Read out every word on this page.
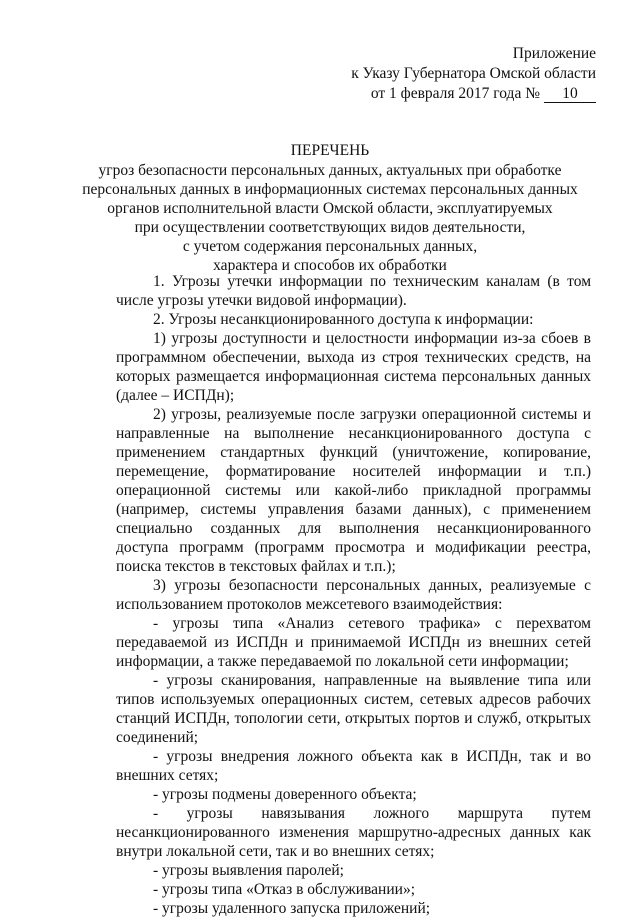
Приложение
к Указу Губернатора Омской области
от 1 февраля 2017 года № 10
ПЕРЕЧЕНЬ
угроз безопасности персональных данных, актуальных при обработке
персональных данных в информационных системах персональных данных
органов исполнительной власти Омской области, эксплуатируемых
при осуществлении соответствующих видов деятельности,
с учетом содержания персональных данных,
характера и способов их обработки

1. Угрозы утечки информации по техническим каналам (в том числе угрозы утечки видовой информации).

2. Угрозы несанкционированного доступа к информации:

1) угрозы доступности и целостности информации из-за сбоев в программном обеспечении, выхода из строя технических средств, на которых размещается информационная система персональных данных (далее – ИСПДн);

2) угрозы, реализуемые после загрузки операционной системы и направленные на выполнение несанкционированного доступа с применением стандартных функций (уничтожение, копирование, перемещение, форматирование носителей информации и т.п.) операционной системы или какой-либо прикладной программы (например, системы управления базами данных), с применением специально созданных для выполнения несанкционированного доступа программ (программ просмотра и модификации реестра, поиска текстов в текстовых файлах и т.п.);

3) угрозы безопасности персональных данных, реализуемые с использованием протоколов межсетевого взаимодействия:

- угрозы типа «Анализ сетевого трафика» с перехватом передаваемой из ИСПДн и принимаемой ИСПДн из внешних сетей информации, а также передаваемой по локальной сети информации;

- угрозы сканирования, направленные на выявление типа или типов используемых операционных систем, сетевых адресов рабочих станций ИСПДн, топологии сети, открытых портов и служб, открытых соединений;

- угрозы внедрения ложного объекта как в ИСПДн, так и во внешних сетях;

- угрозы подмены доверенного объекта;

- угрозы навязывания ложного маршрута путем несанкционированного изменения маршрутно-адресных данных как внутри локальной сети, так и во внешних сетях;

- угрозы выявления паролей;

- угрозы типа «Отказ в обслуживании»;

- угрозы удаленного запуска приложений;
